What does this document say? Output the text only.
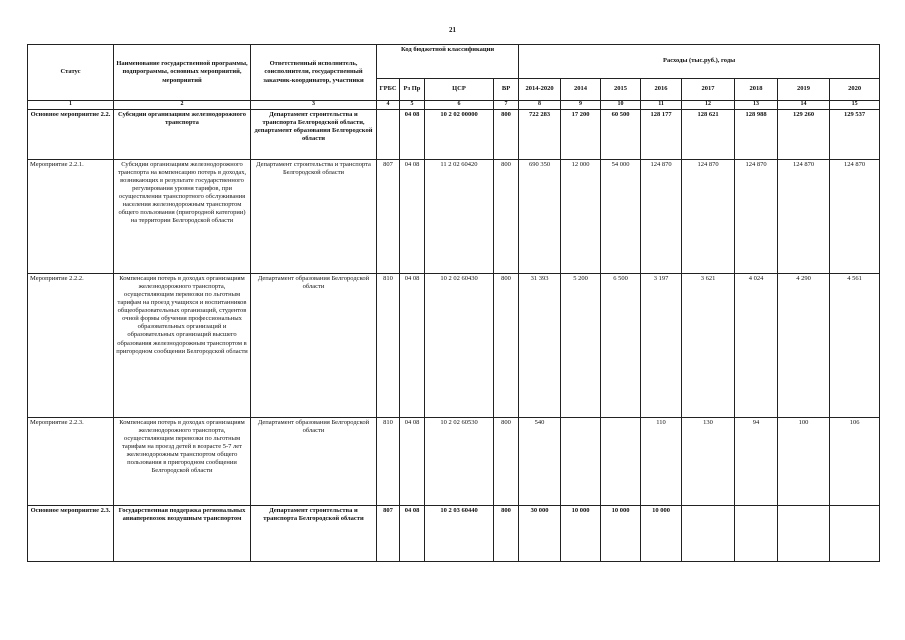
21
Статус	Наименование государственной программы, подпрограммы, основных мероприятий, мероприятий	Ответственный исполнитель, соисполнители, государственный заказчик-координатор, участники	Код бюджетной классификации				Расходы (тыс.руб.), годы							
			ГРБС	Рз Пр	ЦСР	ВР	2014-2020	2014	2015	2016	2017	2018	2019	2020
1	2	3	4	5	6	7	8	9	10	11	12	13	14	15
Основное мероприятие 2.2.	Субсидии организациям железнодорожного транспорта	Департамент строительства и транспорта Белгородской области, департамент образования Белгородской области		04 08	10 2 02 00000	800	722 283	17 200	60 500	128 177	128 621	128 988	129 260	129 537
Мероприятие 2.2.1.	Субсидии организациям железнодорожного транспорта на компенсацию потерь в доходах, возникающих в результате государственного регулирования уровня тарифов, при осуществлении транспортного обслуживания населения железнодорожным транспортом общего пользования (пригородной категории) на территории Белгородской области	Департамент строительства и транспорта Белгородской области	807	04 08	11 2 02 60420	800	690 350	12 000	54 000	124 870	124 870	124 870	124 870	124 870
Мероприятие 2.2.2.	Компенсация потерь в доходах организациям железнодорожного транспорта, осуществляющим перевозки по льготным тарифам на проезд учащихся и воспитанников общеобразовательных организаций, студентов очной формы обучения профессиональных образовательных организаций и образовательных организаций высшего образования железнодорожным транспортом в пригородном сообщении Белгородской области	Департамент образования Белгородской области	810	04 08	10 2 02 60430	800	31 393	5 200	6 500	3 197	3 621	4 024	4 290	4 561
Мероприятие 2.2.3.	Компенсация потерь в доходах организациям железнодорожного транспорта, осуществляющим перевозки по льготным тарифам на проезд детей в возрасте 5-7 лет железнодорожным транспортом общего пользования в пригородном сообщении Белгородской области	Департамент образования Белгородской области	810	04 08	10 2 02 60530	800	540			110	130	94	100	106
Основное мероприятие 2.3.	Государственная поддержка региональных авиаперевозок воздушным транспортом	Департамент строительства и транспорта Белгородской области	807	04 08	10 2 03 60440	800	30 000	10 000	10 000	10 000				
